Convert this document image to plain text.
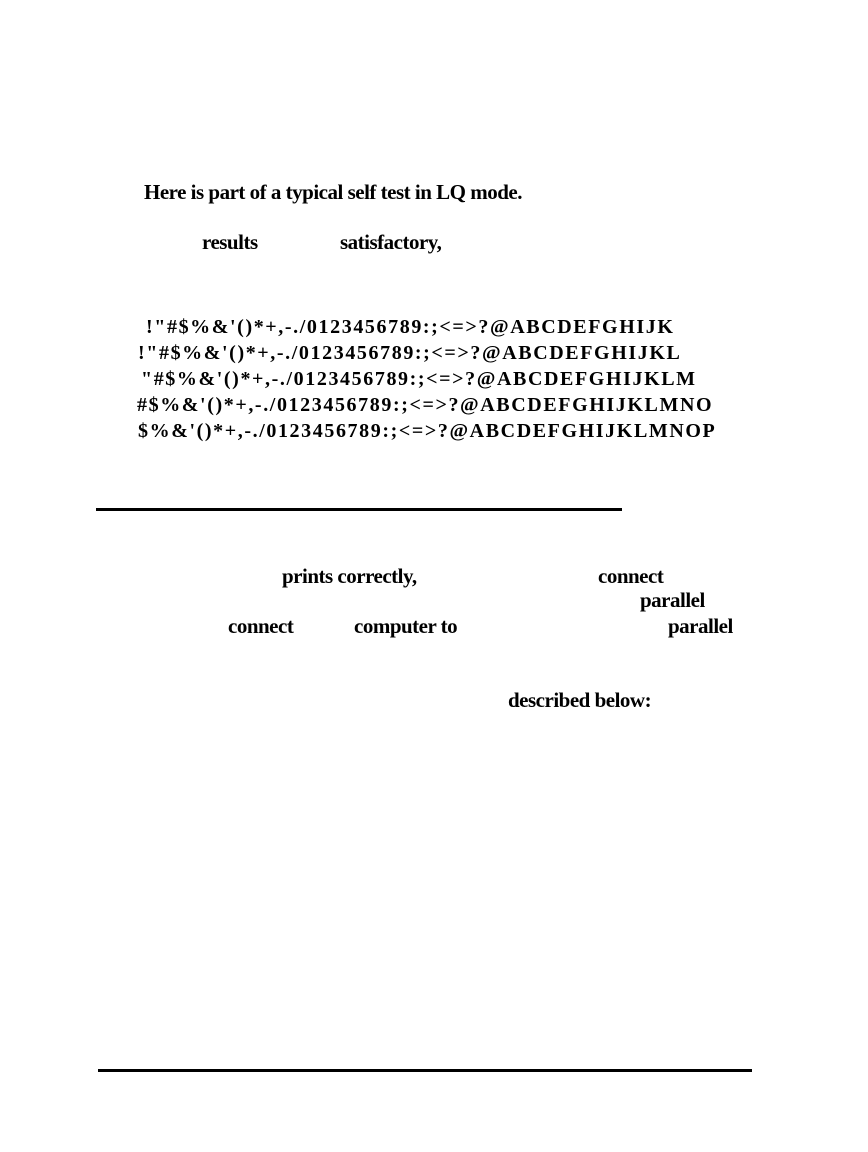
Here is part of a typical self test in LQ mode.
results	satisfactory,
!"#$%&'()*+,-./0123456789:;<=>?@ABCDEFGHIJK
!"#$%&'()*+,-./0123456789:;<=>?@ABCDEFGHIJKL
"#$%&'()*+,-./0123456789:;<=>?@ABCDEFGHIJKLM
#$%&'()*+,-./0123456789:;<=>?@ABCDEFGHIJKLMNO
$%&'()*+,-./0123456789:;<=>?@ABCDEFGHIJKLMNOP
prints correctly,	connect
parallel
connect	computer to	parallel
described below:
